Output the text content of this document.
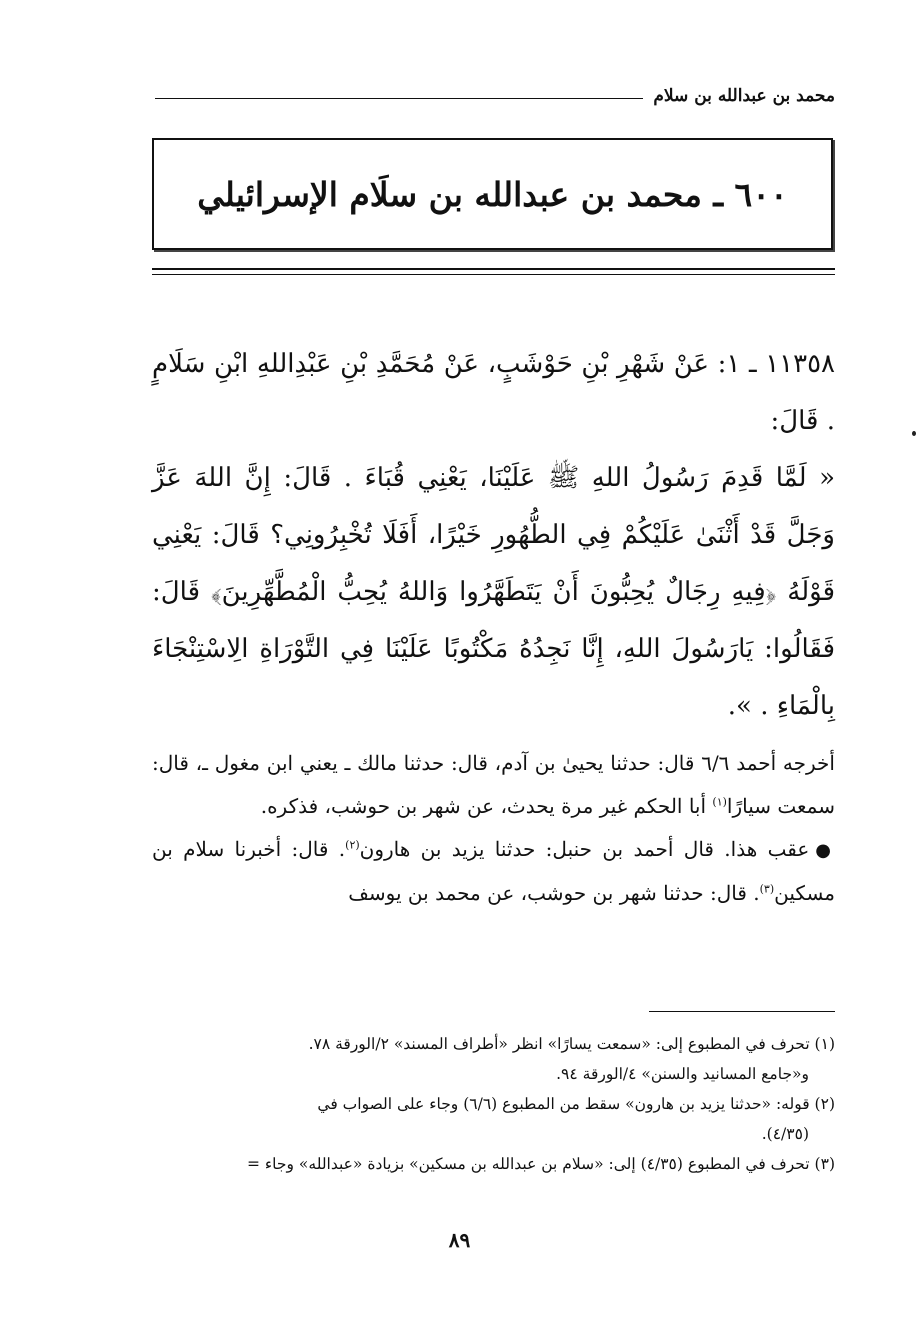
محمد بن عبدالله بن سلام
٦٠٠ ـ محمد بن عبدالله بن سلَام الإسرائيلي
١١٣٥٨ ـ ١: عَنْ شَهْرِ بْنِ حَوْشَبٍ، عَنْ مُحَمَّدِ بْنِ عَبْدِاللهِ ابْنِ سَلَامٍ . قَالَ:
« لَمَّا قَدِمَ رَسُولُ اللهِ ﷺ عَلَيْنَا، يَعْنِي قُبَاءَ . قَالَ: إِنَّ اللهَ عَزَّ وَجَلَّ قَدْ أَثْنَىٰ عَلَيْكُمْ فِي الطُّهُورِ خَيْرًا، أَفَلَا تُخْبِرُونِي؟ قَالَ: يَعْنِي قَوْلَهُ ﴿فِيهِ رِجَالٌ يُحِبُّونَ أَنْ يَتَطَهَّرُوا وَاللهُ يُحِبُّ الْمُطَّهِّرِينَ﴾ قَالَ: فَقَالُوا: يَارَسُولَ اللهِ، إِنَّا نَجِدُهُ مَكْتُوبًا عَلَيْنَا فِي التَّوْرَاةِ الِاسْتِنْجَاءَ بِالْمَاءِ . ».

أخرجه أحمد ٦/٦ قال: حدثنا يحيىٰ بن آدم، قال: حدثنا مالك ـ يعني ابن مغول ـ، قال: سمعت سيارًا$^{(١)}$ أبا الحكم غير مرة يحدث، عن شهر بن حوشب، فذكره.

●عقب هذا. قال أحمد بن حنبل: حدثنا يزيد بن هارون$^{(٢)}$. قال: أخبرنا سلام بن مسكين$^{(٣)}$. قال: حدثنا شهر بن حوشب، عن محمد بن يوسف

(١) تحرف في المطبوع إلى: «سمعت يسارًا» انظر «أطراف المسند» ٢/الورقة ٧٨.
و«جامع المسانيد والسنن» ٤/الورقة ٩٤.
(٢) قوله: «حدثنا يزيد بن هارون» سقط من المطبوع (٦/٦) وجاء على الصواب في
(٤/٣٥).
(٣) تحرف في المطبوع (٤/٣٥) إلى: «سلام بن عبدالله بن مسكين» بزيادة «عبدالله» وجاء =
٨٩
